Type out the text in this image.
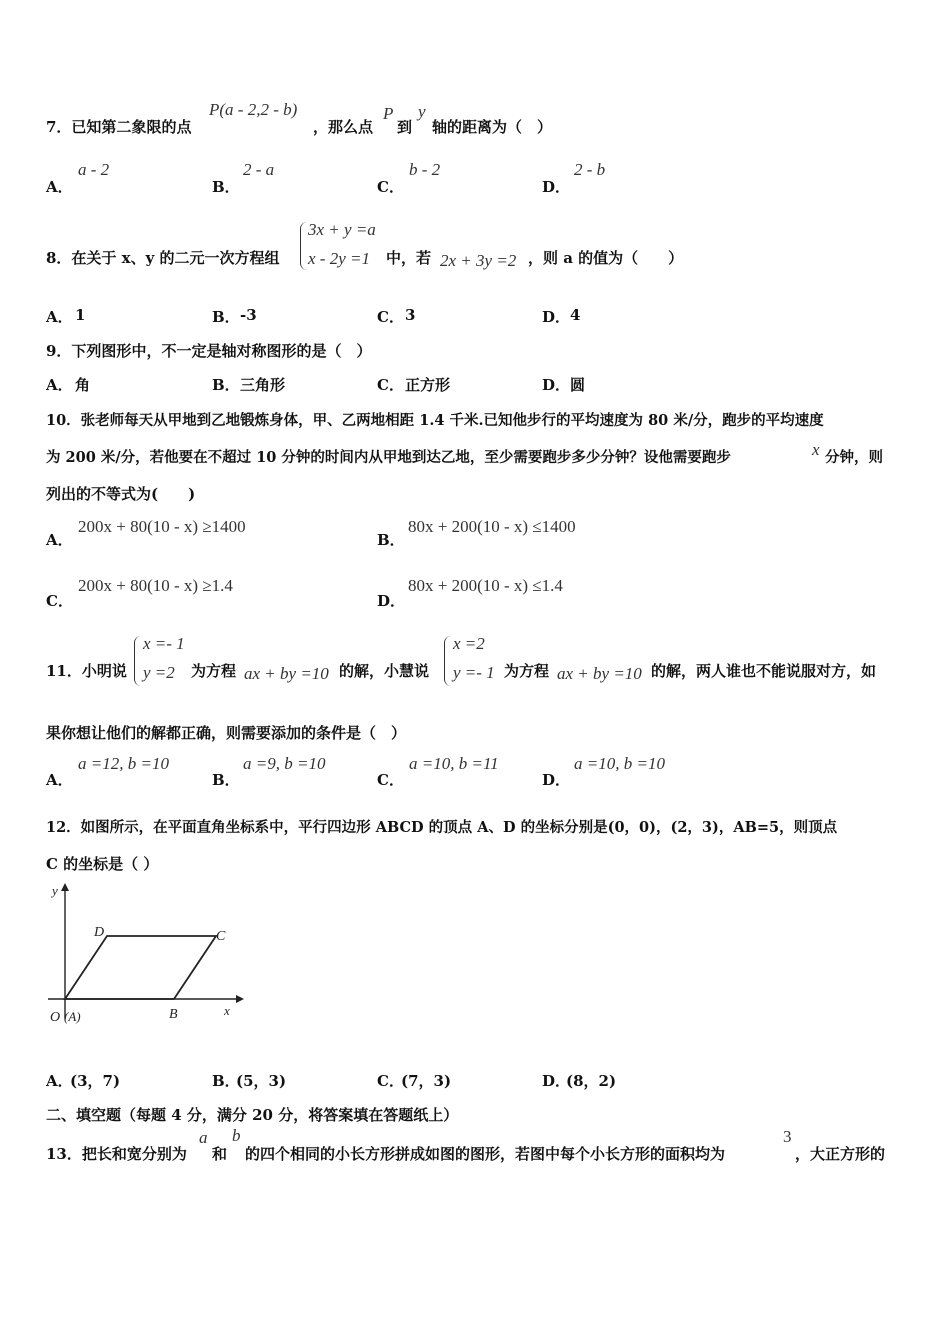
7．已知第二象限的点
P(a - 2,2 - b)
，那么点
P
到
y
轴的距离为（　）
A．
a - 2
B．
2 - a
C．
b - 2
D．
2 - b
8．在关于 x、y 的二元一次方程组
3x + y =a
x - 2y =1 中，若 2x + 3y =2 ，则 a 的值为（　　）
A． 1	B． -3	C． 3	D． 4
9．下列图形中，不一定是轴对称图形的是（　）
A． 角	B． 三角形	C． 正方形	D． 圆
10．张老师每天从甲地到乙地锻炼身体，甲、乙两地相距 1.4 千米.已知他步行的平均速度为 80 米/分，跑步的平均速度
为 200 米/分，若他要在不超过 10 分钟的时间内从甲地到达乙地，至少需要跑步多少分钟？设他需要跑步	x 分钟，则
列出的不等式为(　　)
A．
200x + 80(10 - x) ≥1400
B．
80x + 200(10 - x) ≤1400
C．
200x + 80(10 - x) ≥1.4
D．
80x + 200(10 - x) ≤1.4
11．小明说
x =- 1
y =2 为方程 ax + by =10 的解，小慧说
x =2
y =- 1 为方程 ax + by =10 的解，两人谁也不能说服对方，如
果你想让他们的解都正确，则需要添加的条件是（　）
A．
a =12, b =10
B．
a =9, b =10
C．
a =10, b =11
D．
a =10, b =10
12．如图所示，在平面直角坐标系中，平行四边形 ABCD 的顶点 A、D 的坐标分别是(0，0)，(2，3)，AB=5，则顶点
C 的坐标是（ ）
y
x
D	C
O (A)	B
A．
(3，7)	B．
(5，3)	C．
(7，3)	D．
(8，2)
二、填空题（每题 4 分，满分 20 分，将答案填在答题纸上）
13．把长和宽分别为
a
和
b
的四个相同的小长方形拼成如图的图形，若图中每个小长方形的面积均为
3
，大正方形的
